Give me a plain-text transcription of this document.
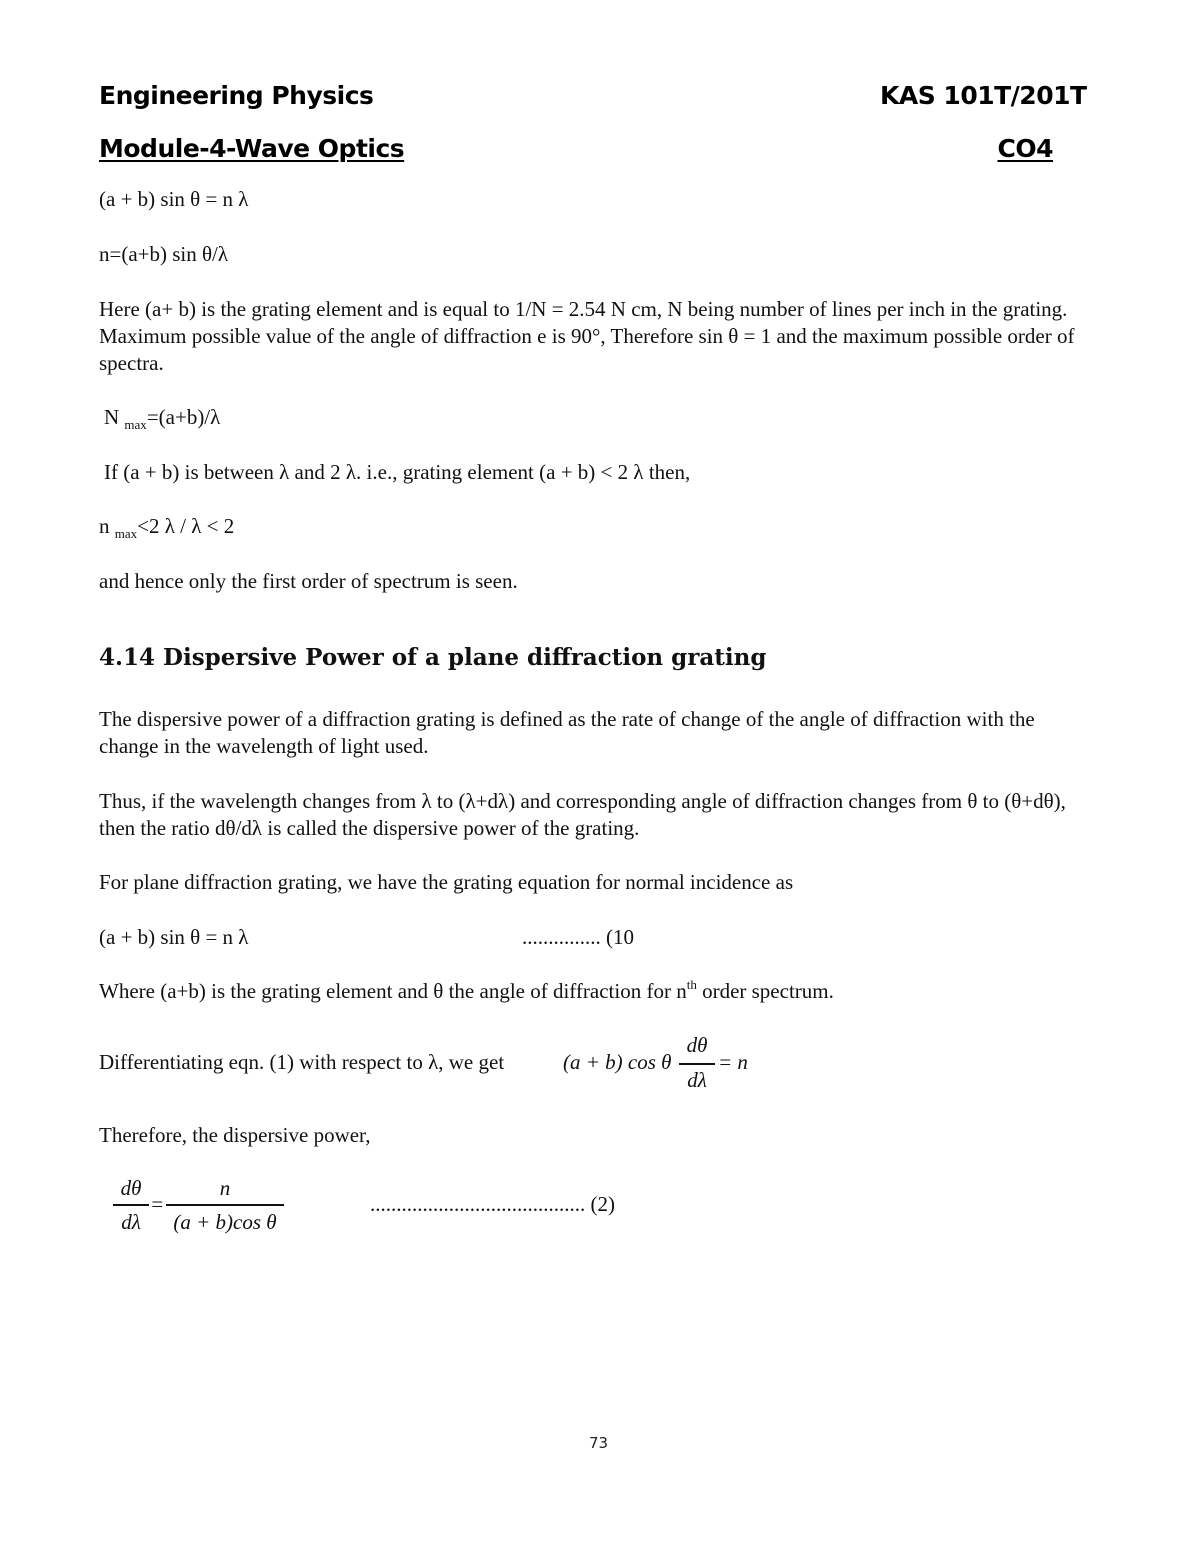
Engineering Physics	KAS 101T/201T
Module-4-Wave Optics	CO4
(a + b) sin θ = n λ
n=(a+b) sin θ/λ
Here (a+ b) is the grating element and is equal to 1/N = 2.54 N cm, N being number of lines per inch in the grating. Maximum possible value of the angle of diffraction e is 90°, Therefore sin θ = 1 and the maximum possible order of spectra.
N $_{max}$=(a+b)/λ
If (a + b) is between λ and 2 λ. i.e., grating element (a + b) < 2 λ then,
n $_{max}$<2 λ / λ < 2
and hence only the first order of spectrum is seen.
4.14 Dispersive Power of a plane diffraction grating
The dispersive power of a diffraction grating is defined as the rate of change of the angle of diffraction with the change in the wavelength of light used.
Thus, if the wavelength changes from λ to (λ+dλ) and corresponding angle of diffraction changes from θ to (θ+dθ), then the ratio dθ/dλ is called the dispersive power of the grating.
For plane diffraction grating, we have the grating equation for normal incidence as
(a + b) sin θ = n λ	............... (10
Where (a+b) is the grating element and θ the angle of diffraction for $n^{th}$ order spectrum.
Differentiating eqn. (1) with respect to λ, we get	(a + b) cos θ
dθ
dλ
= n
Therefore, the dispersive power,
dθ
dλ
=
n
(a + b)cos θ
......................................... (2)
73
